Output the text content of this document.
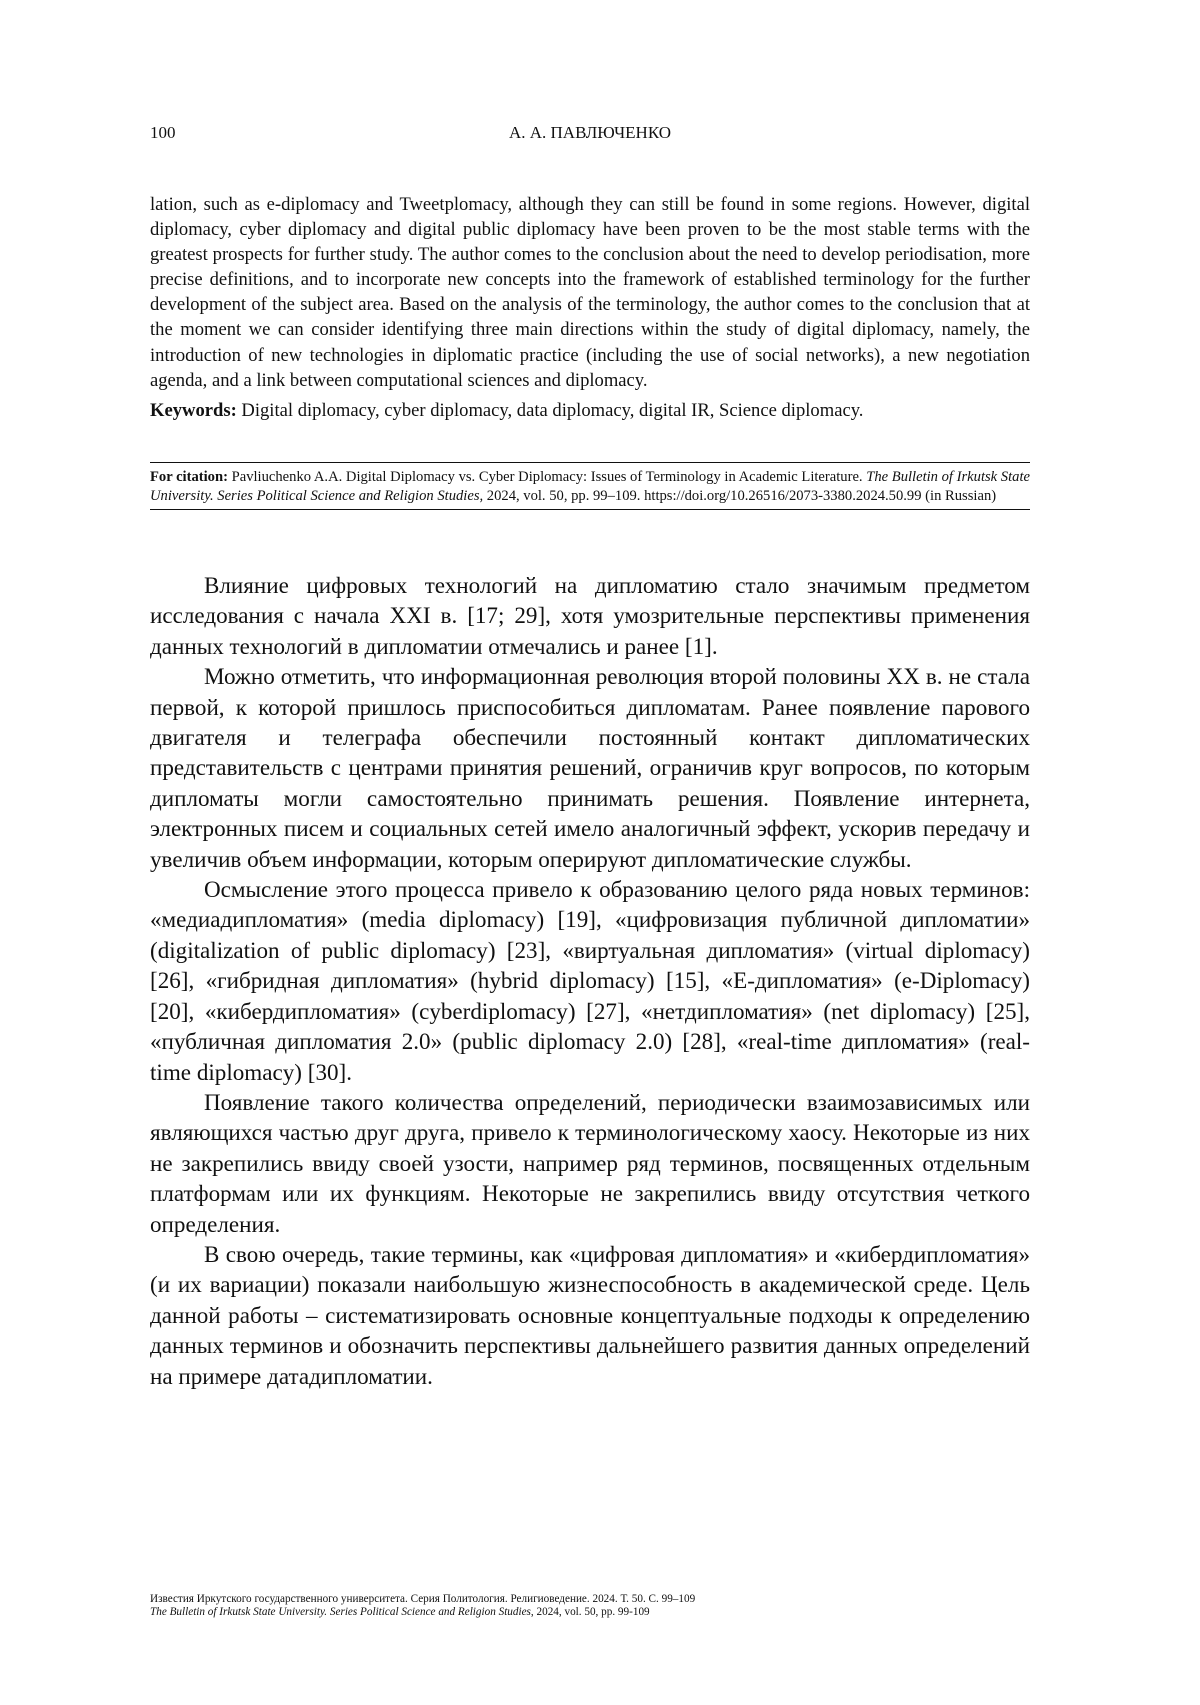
100	А. А. ПАВЛЮЧЕНКО

lation, such as e-diplomacy and Tweetplomacy, although they can still be found in some regions. However, digital diplomacy, cyber diplomacy and digital public diplomacy have been proven to be the most stable terms with the greatest prospects for further study. The author comes to the conclusion about the need to develop periodisation, more precise definitions, and to incorporate new concepts into the framework of established terminology for the further development of the subject area. Based on the analysis of the terminology, the author comes to the conclusion that at the moment we can consider identifying three main directions within the study of digital diplomacy, namely, the introduction of new technologies in diplomatic practice (including the use of social networks), a new negotiation agenda, and a link between computational sciences and diplomacy.

Keywords: Digital diplomacy, cyber diplomacy, data diplomacy, digital IR, Science diplomacy.

For citation: Pavliuchenko A.A. Digital Diplomacy vs. Cyber Diplomacy: Issues of Terminology in Academic Literature. The Bulletin of Irkutsk State University. Series Political Science and Religion Studies, 2024, vol. 50, pp. 99–109. https://doi.org/10.26516/2073-3380.2024.50.99 (in Russian)

Влияние цифровых технологий на дипломатию стало значимым предметом исследования с начала XXI в. [17; 29], хотя умозрительные перспективы применения данных технологий в дипломатии отмечались и ранее [1].

Можно отметить, что информационная революция второй половины XX в. не стала первой, к которой пришлось приспособиться дипломатам. Ранее появление парового двигателя и телеграфа обеспечили постоянный контакт дипломатических представительств с центрами принятия решений, ограничив круг вопросов, по которым дипломаты могли самостоятельно принимать решения. Появление интернета, электронных писем и социальных сетей имело аналогичный эффект, ускорив передачу и увеличив объем информации, которым оперируют дипломатические службы.

Осмысление этого процесса привело к образованию целого ряда новых терминов: «медиадипломатия» (media diplomacy) [19], «цифровизация публичной дипломатии» (digitalization of public diplomacy) [23], «виртуальная дипломатия» (virtual diplomacy) [26], «гибридная дипломатия» (hybrid diplomacy) [15], «E-дипломатия» (e-Diplomacy) [20], «кибердипломатия» (cyberdiplomacy) [27], «нетдипломатия» (net diplomacy) [25], «публичная дипломатия 2.0» (public diplomacy 2.0) [28], «real-time дипломатия» (real-time diplomacy) [30].

Появление такого количества определений, периодически взаимозависимых или являющихся частью друг друга, привело к терминологическому хаосу. Некоторые из них не закрепились ввиду своей узости, например ряд терминов, посвященных отдельным платформам или их функциям. Некоторые не закрепились ввиду отсутствия четкого определения.

В свою очередь, такие термины, как «цифровая дипломатия» и «кибердипломатия» (и их вариации) показали наибольшую жизнеспособность в академической среде. Цель данной работы – систематизировать основные концептуальные подходы к определению данных терминов и обозначить перспективы дальнейшего развития данных определений на примере датадипломатии.

Известия Иркутского государственного университета. Серия Политология. Религиоведение. 2024. Т. 50. С. 99–109
The Bulletin of Irkutsk State University. Series Political Science and Religion Studies, 2024, vol. 50, pp. 99-109
